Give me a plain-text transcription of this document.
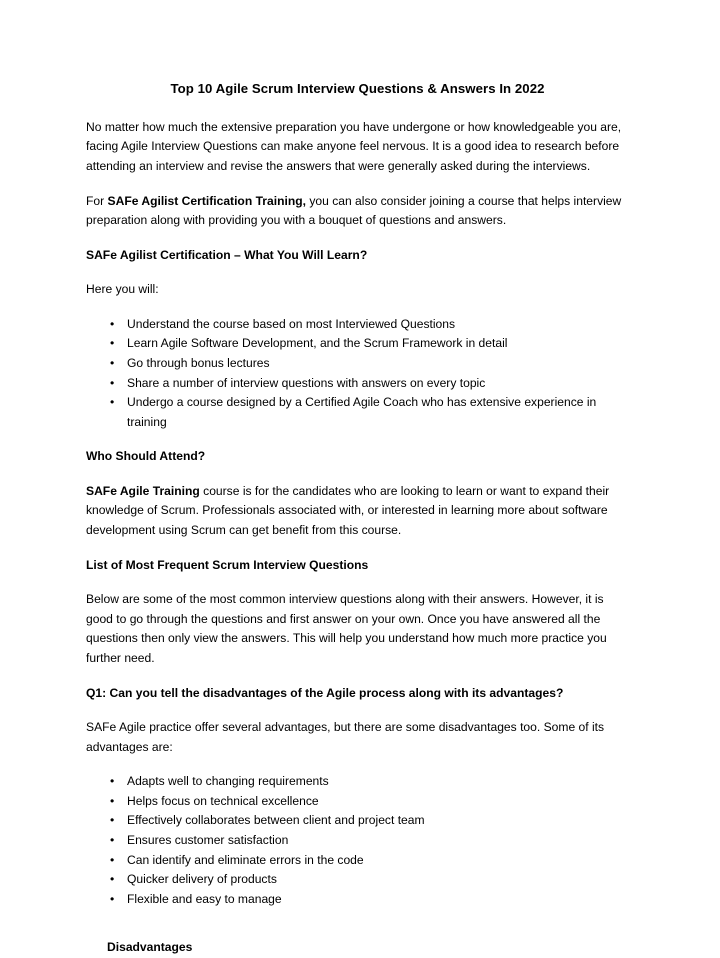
Top 10 Agile Scrum Interview Questions & Answers In 2022

No matter how much the extensive preparation you have undergone or how knowledgeable you are, facing Agile Interview Questions can make anyone feel nervous. It is a good idea to research before attending an interview and revise the answers that were generally asked during the interviews.

For SAFe Agilist Certification Training, you can also consider joining a course that helps interview preparation along with providing you with a bouquet of questions and answers.

SAFe Agilist Certification – What You Will Learn?

Here you will:

• Understand the course based on most Interviewed Questions
• Learn Agile Software Development, and the Scrum Framework in detail
• Go through bonus lectures
• Share a number of interview questions with answers on every topic
• Undergo a course designed by a Certified Agile Coach who has extensive experience in training
Who Should Attend?

SAFe Agile Training course is for the candidates who are looking to learn or want to expand their knowledge of Scrum. Professionals associated with, or interested in learning more about software development using Scrum can get benefit from this course.

List of Most Frequent Scrum Interview Questions

Below are some of the most common interview questions along with their answers. However, it is good to go through the questions and first answer on your own. Once you have answered all the questions then only view the answers. This will help you understand how much more practice you further need.

Q1: Can you tell the disadvantages of the Agile process along with its advantages?

SAFe Agile practice offer several advantages, but there are some disadvantages too. Some of its advantages are:

• Adapts well to changing requirements
• Helps focus on technical excellence
• Effectively collaborates between client and project team
• Ensures customer satisfaction
• Can identify and eliminate errors in the code
• Quicker delivery of products
• Flexible and easy to manage
Disadvantages
